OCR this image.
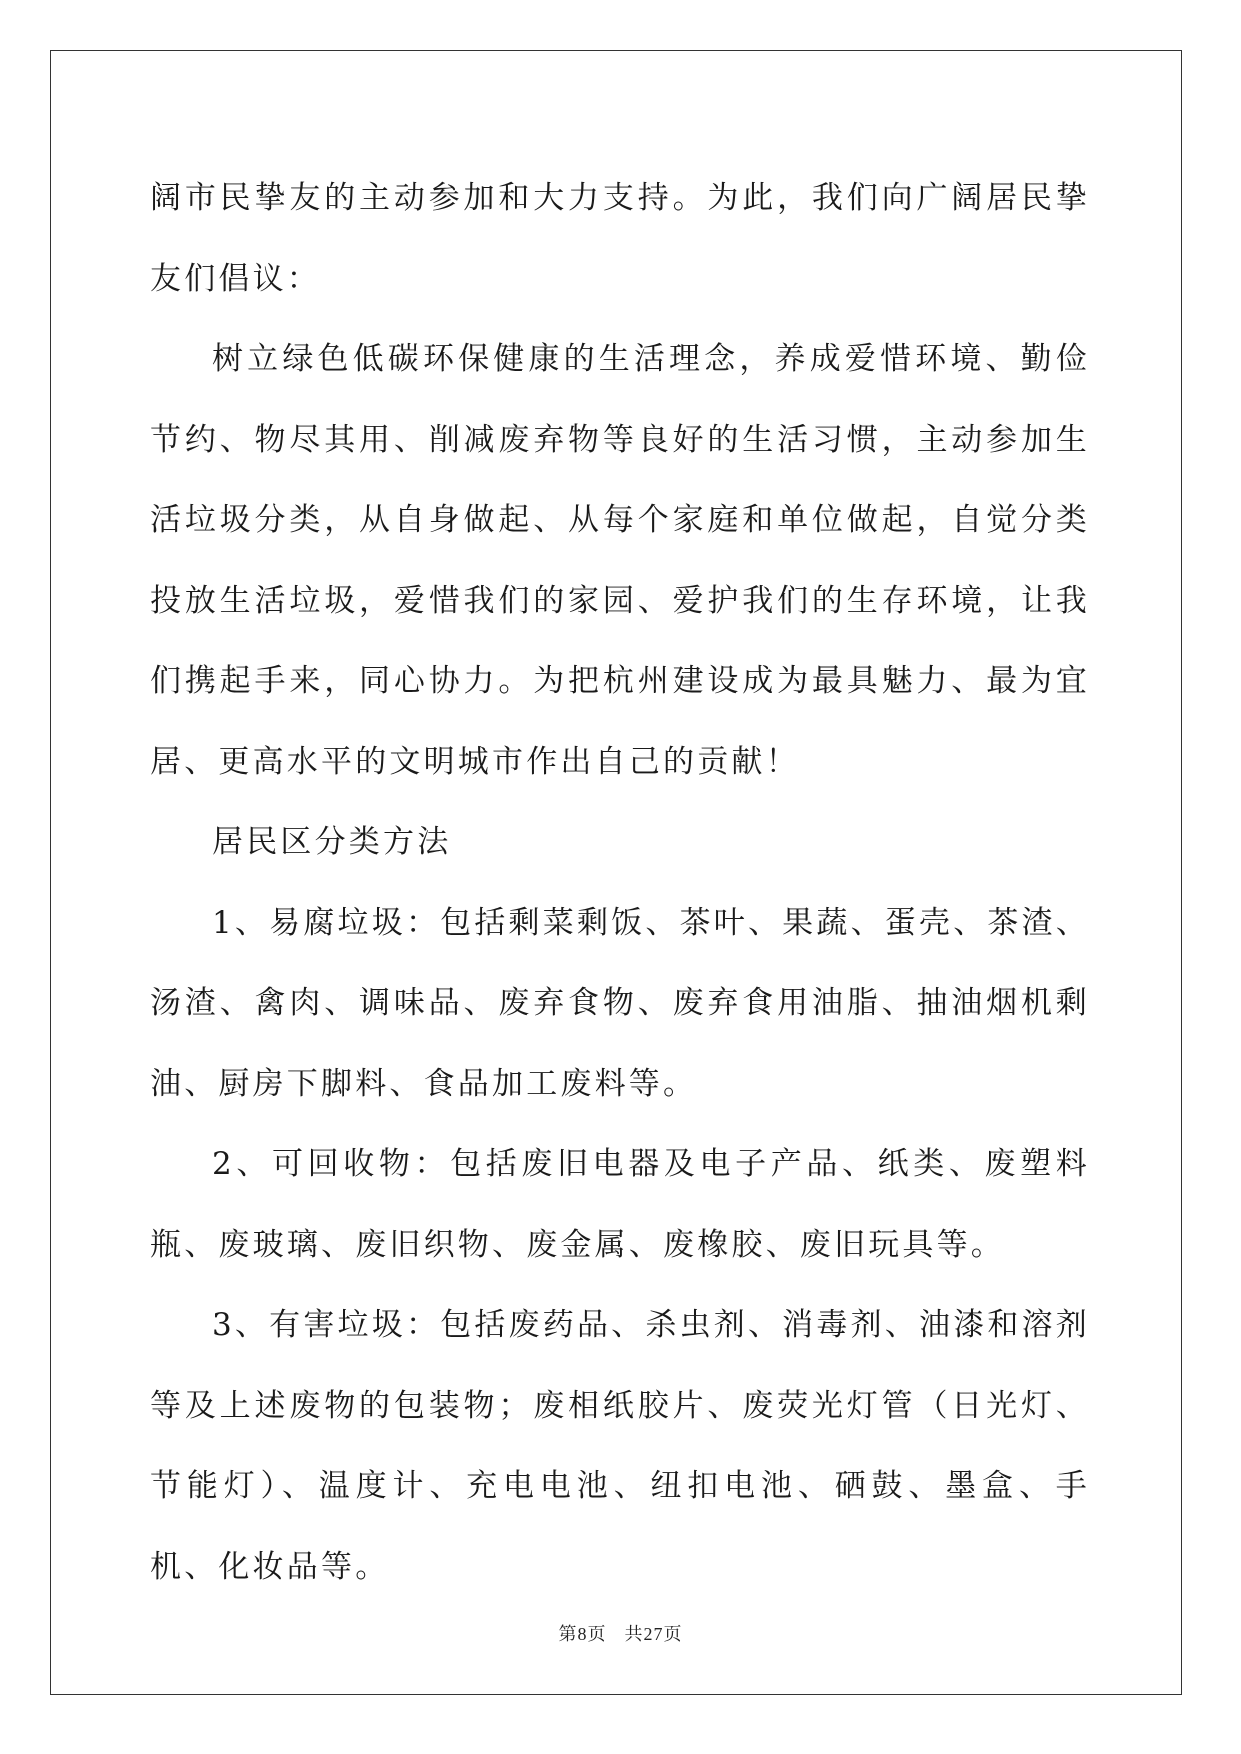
阔市民挚友的主动参加和大力支持。为此，我们向广阔居民挚友们倡议：

树立绿色低碳环保健康的生活理念，养成爱惜环境、勤俭节约、物尽其用、削减废弃物等良好的生活习惯，主动参加生活垃圾分类，从自身做起、从每个家庭和单位做起，自觉分类投放生活垃圾，爱惜我们的家园、爱护我们的生存环境，让我们携起手来，同心协力。为把杭州建设成为最具魅力、最为宜居、更高水平的文明城市作出自己的贡献！

居民区分类方法

1、易腐垃圾：包括剩菜剩饭、茶叶、果蔬、蛋壳、茶渣、汤渣、禽肉、调味品、废弃食物、废弃食用油脂、抽油烟机剩油、厨房下脚料、食品加工废料等。

2、可回收物：包括废旧电器及电子产品、纸类、废塑料瓶、废玻璃、废旧织物、废金属、废橡胶、废旧玩具等。

3、有害垃圾：包括废药品、杀虫剂、消毒剂、油漆和溶剂等及上述废物的包装物；废相纸胶片、废荧光灯管（日光灯、节能灯）、温度计、充电电池、纽扣电池、硒鼓、墨盒、手机、化妆品等。

第8页 共27页
